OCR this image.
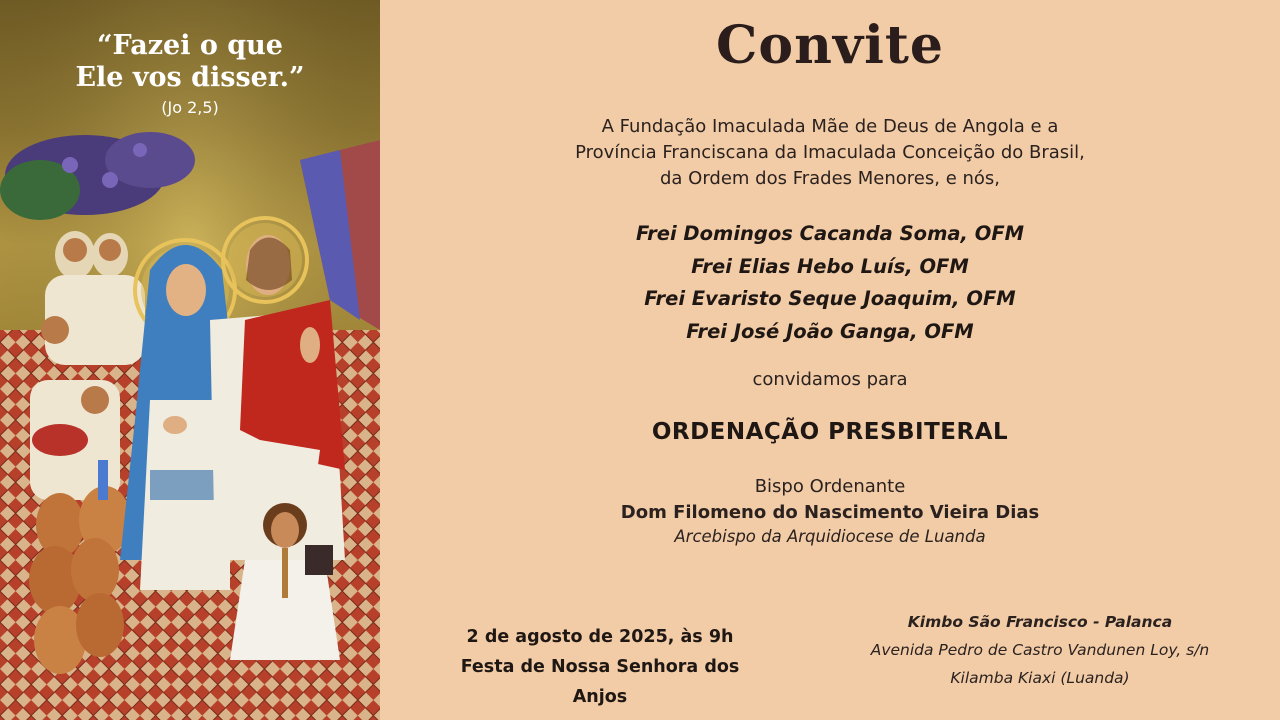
“Fazei o que
Ele vos disser.”
(Jo 2,5)
Convite
A Fundação Imaculada Mãe de Deus de Angola e a
Província Franciscana da Imaculada Conceição do Brasil,
da Ordem dos Frades Menores, e nós,
Frei Domingos Cacanda Soma, OFM
Frei Elias Hebo Luís, OFM
Frei Evaristo Seque Joaquim, OFM
Frei José João Ganga, OFM
convidamos para
ORDENAÇÃO PRESBITERAL
Bispo Ordenante
Dom Filomeno do Nascimento Vieira Dias
Arcebispo da Arquidiocese de Luanda
2 de agosto de 2025, às 9h
Festa de Nossa Senhora dos Anjos
Kimbo São Francisco - Palanca
Avenida Pedro de Castro Vandunen Loy, s/n
Kilamba Kiaxi (Luanda)
